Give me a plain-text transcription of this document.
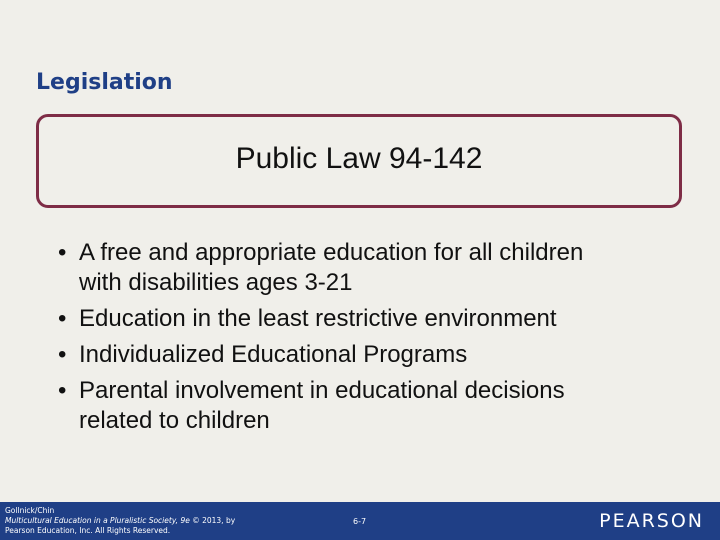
Legislation
Public Law 94-142
• A free and appropriate education for all children
with disabilities ages 3-21
• Education in the least restrictive environment
• Individualized Educational Programs
• Parental involvement in educational decisions
related to children
Gollnick/Chin
Multicultural Education in a Pluralistic Society, 9e © 2013, by
Pearson Education, Inc. All Rights Reserved.
6-7	PEARSON
